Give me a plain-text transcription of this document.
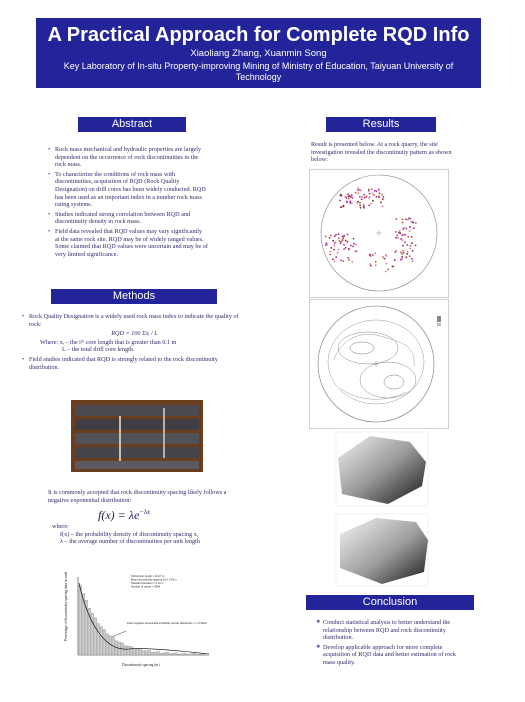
A Practical Approach for Complete RQD Info
Xiaoliang Zhang, Xuanmin Song
Key Laboratory of In-situ Property-improving Mining of Ministry of Education, Taiyuan University of Technology
Abstract
• Rock mass mechanical and hydraulic properties are largely dependent on the occurrence of rock discontinuities in the rock mass.
• To characterize the conditions of rock mass with discontinuities, acquisition of RQD (Rock Quality Designation) on drill cores has been widely conducted. RQD has been used as an important index in a number rock mass rating systems.
• Studies indicated strong correlation between RQD and discontinuity density in rock mass.
• Field data revealed that RQD values may vary significantly at the same rock site. RQD may be of widely ranged values. Some claimed that RQD values were uncertain and may be of very limited significance.
Methods
• Rock Quality Designation is a widely used rock mass index to indicate the quality of rock:
RQD = 100 Σxᵢ / L
Where: xᵢ – the iᵗʰ core length that is greater than 0.1 m
L – the total drill core length.
• Field studies indicated that RQD is strongly related to the rock discontinuity distribution.
It is commonly accepted that rock discontinuity spacing likely follows a negative exponential distribution:
$f(x) = \lambda e^{-\lambda x}$
where:
f(x) – the probability density of discontinuity spacing x,
λ – the average number of discontinuities per unit length
Percentage of discontinuity spacing data in each bin
Discontinuity spacing (m)
Drill tendon length = 10.27 m
Mean discontinuity spacing (λ) = 0.03 m
Standard deviation = 0.12 m
Number of values = 3084
Fitted negative exponential probability density distribution, λ = 0.092m
Results
Result is presented below. At a rock quarry, the site investigation revealed the discontinuity pattern as shown below:
Conclusion
❖ Conduct statistical analysis to better understand the relationship between RQD and rock discontinuity distribution.
❖ Develop applicable approach for more complete acquisition of RQD data and better estimation of rock mass quality.
